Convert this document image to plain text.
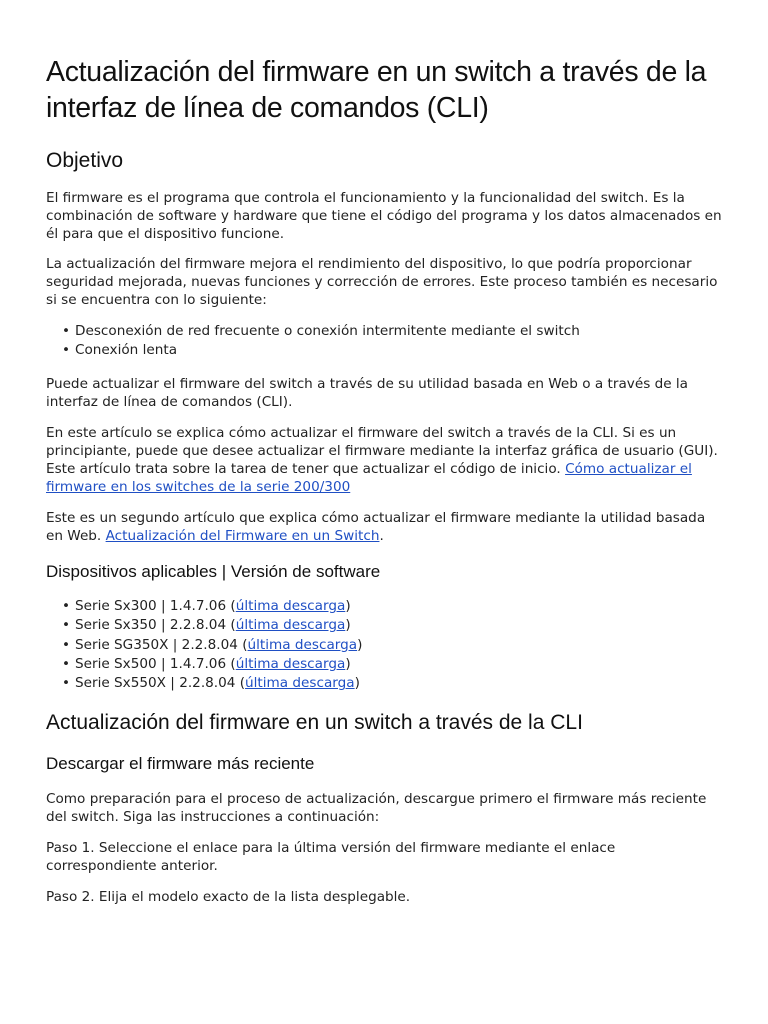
Actualización del firmware en un switch a través de la interfaz de línea de comandos (CLI)
Objetivo

El firmware es el programa que controla el funcionamiento y la funcionalidad del switch. Es la combinación de software y hardware que tiene el código del programa y los datos almacenados en él para que el dispositivo funcione.

La actualización del firmware mejora el rendimiento del dispositivo, lo que podría proporcionar seguridad mejorada, nuevas funciones y corrección de errores. Este proceso también es necesario si se encuentra con lo siguiente:

• Desconexión de red frecuente o conexión intermitente mediante el switch
• Conexión lenta

Puede actualizar el firmware del switch a través de su utilidad basada en Web o a través de la interfaz de línea de comandos (CLI).

En este artículo se explica cómo actualizar el firmware del switch a través de la CLI. Si es un principiante, puede que desee actualizar el firmware mediante la interfaz gráfica de usuario (GUI). Este artículo trata sobre la tarea de tener que actualizar el código de inicio. Cómo actualizar el firmware en los switches de la serie 200/300

Este es un segundo artículo que explica cómo actualizar el firmware mediante la utilidad basada en Web. Actualización del Firmware en un Switch.

Dispositivos aplicables | Versión de software
• Serie Sx300 | 1.4.7.06 (última descarga)
• Serie Sx350 | 2.2.8.04 (última descarga)
• Serie SG350X | 2.2.8.04 (última descarga)
• Serie Sx500 | 1.4.7.06 (última descarga)
• Serie Sx550X | 2.2.8.04 (última descarga)
Actualización del firmware en un switch a través de la CLI
Descargar el firmware más reciente

Como preparación para el proceso de actualización, descargue primero el firmware más reciente del switch. Siga las instrucciones a continuación:

Paso 1. Seleccione el enlace para la última versión del firmware mediante el enlace correspondiente anterior.

Paso 2. Elija el modelo exacto de la lista desplegable.
